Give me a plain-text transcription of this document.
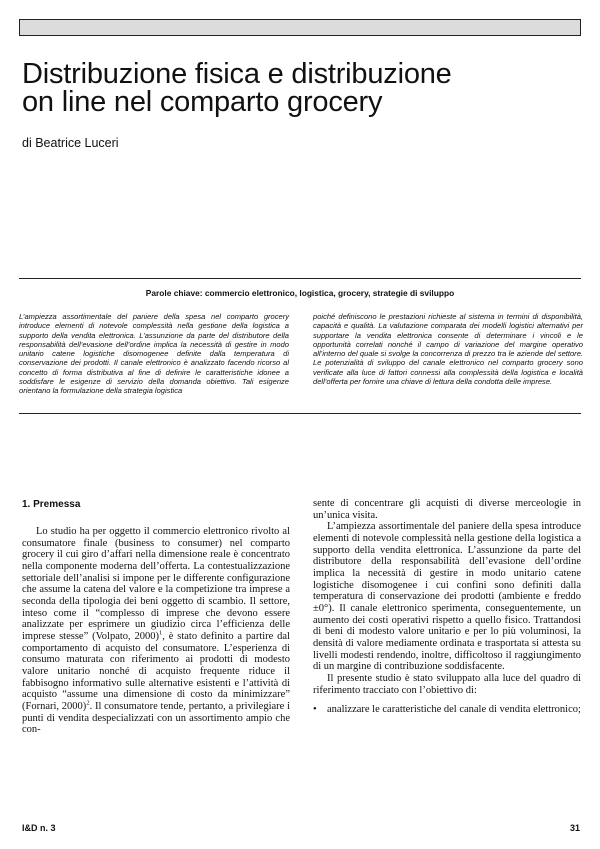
Distribuzione fisica e distribuzione
on line nel comparto grocery
di Beatrice Luceri
Parole chiave: commercio elettronico, logistica, grocery, strategie di sviluppo

L’ampiezza assortimentale del paniere della spesa nel comparto grocery introduce elementi di notevole complessità nella gestione della logistica a supporto della vendita elettronica. L’assunzione da parte del distributore della responsabilità dell’evasione dell’ordine implica la necessità di gestire in modo unitario catene logistiche disomogenee definite dalla temperatura di conservazione dei prodotti. Il canale elettronico è analizzato facendo ricorso al concetto di forma distributiva al fine di definire le caratteristiche idonee a soddisfare le esigenze di servizio della domanda obiettivo. Tali esigenze orientano la formulazione della strategia logistica

poiché definiscono le prestazioni richieste al sistema in termini di disponibilità, capacità e qualità. La valutazione comparata dei modelli logistici alternativi per supportare la vendita elettronica consente di determinare i vincoli e le opportunità correlati nonché il campo di variazione del margine operativo all’interno del quale si svolge la concorrenza di prezzo tra le aziende del settore. Le potenzialità di sviluppo del canale elettronico nel comparto grocery sono verificate alla luce di fattori connessi alla complessità della logistica e località dell’offerta per fornire una chiave di lettura della condotta delle imprese.

1. Premessa

Lo studio ha per oggetto il commercio elettronico rivolto al consumatore finale (business to consumer) nel comparto grocery il cui giro d’affari nella dimensione reale è concentrato nella componente moderna dell’offerta. La contestualizzazione settoriale dell’analisi si impone per le differente configurazione che assume la catena del valore e la competizione tra imprese a seconda della tipologia dei beni oggetto di scambio. Il settore, inteso come il “complesso di imprese che devono essere analizzate per esprimere un giudizio circa l’efficienza delle imprese stesse” (Volpato, 2000)$^1$, è stato definito a partire dal comportamento di acquisto del consumatore. L’esperienza di consumo maturata con riferimento ai prodotti di modesto valore unitario nonché di acquisto frequente riduce il fabbisogno informativo sulle alternative esistenti e l’attività di acquisto “assume una dimensione di costo da minimizzare” (Fornari, 2000)$^2$. Il consumatore tende, pertanto, a privilegiare i punti di vendita despecializzati con un assortimento ampio che con-

sente di concentrare gli acquisti di diverse merceologie in un’unica visita.

L’ampiezza assortimentale del paniere della spesa introduce elementi di notevole complessità nella gestione della logistica a supporto della vendita elettronica. L’assunzione da parte del distributore della responsabilità dell’evasione dell’ordine implica la necessità di gestire in modo unitario catene logistiche disomogenee i cui confini sono definiti dalla temperatura di conservazione dei prodotti (ambiente e freddo ±0°). Il canale elettronico sperimenta, conseguentemente, un aumento dei costi operativi rispetto a quello fisico. Trattandosi di beni di modesto valore unitario e per lo più voluminosi, la densità di valore mediamente ordinata e trasportata si attesta su livelli modesti rendendo, inoltre, difficoltoso il raggiungimento di un margine di contribuzione soddisfacente.

Il presente studio è stato sviluppato alla luce del quadro di riferimento tracciato con l’obiettivo di:

• analizzare le caratteristiche del canale di vendita elettronico;
I&D n. 3	31
